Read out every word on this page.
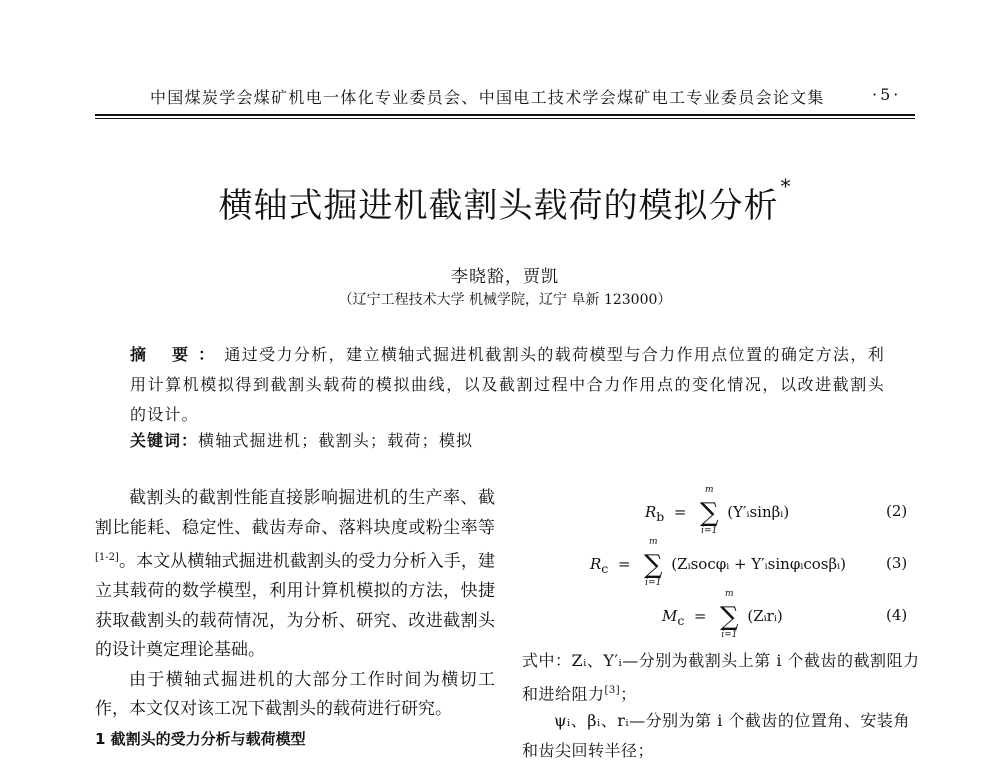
中国煤炭学会煤矿机电一体化专业委员会、中国电工技术学会煤矿电工专业委员会论文集	·5·
横轴式掘进机截割头载荷的模拟分析 *
李晓豁，贾凯
（辽宁工程技术大学 机械学院，辽宁 阜新 123000）
摘 要：通过受力分析，建立横轴式掘进机截割头的载荷模型与合力作用点位置的确定方法，利用计算机模拟得到截割头载荷的模拟曲线，以及截割过程中合力作用点的变化情况，以改进截割头的设计。
关键词：横轴式掘进机；截割头；载荷；模拟

截割头的截割性能直接影响掘进机的生产率、截割比能耗、稳定性、截齿寿命、落料块度或粉尘率等[1-2]。本文从横轴式掘进机截割头的受力分析入手，建立其载荷的数学模型，利用计算机模拟的方法，快捷获取截割头的载荷情况，为分析、研究、改进截割头的设计奠定理论基础。

由于横轴式掘进机的大部分工作时间为横切工作，本文仅对该工况下截割头的载荷进行研究。

1 截割头的受力分析与载荷模型
$R_b$  =  ∑
m
i=1
(Y′ᵢsinβᵢ)	(2)
$R_c$  =  ∑
m
i=1
(Zᵢsocφᵢ + Y′ᵢsinφᵢcosβᵢ)	(3)
$M_c$  =  ∑
m
i=1
(Zᵢrᵢ)	(4)
式中：Zᵢ、Y′ᵢ—分别为截割头上第 i 个截齿的截割阻力和进给阻力[3]；
ψᵢ、βᵢ、rᵢ—分别为第 i 个截齿的位置角、安装角和齿尖回转半径；
